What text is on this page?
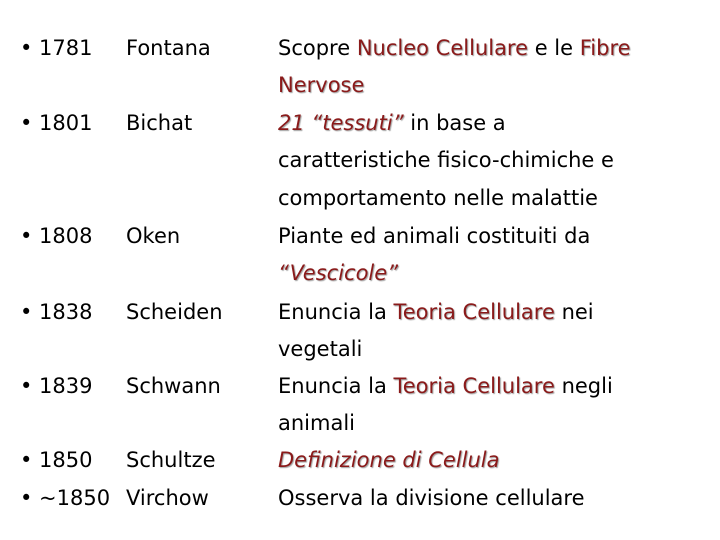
• 1781 Fontana	Scopre Nucleo Cellulare e le Fibre
Nervose
• 1801 Bichat	21 “tessuti” in base a
caratteristiche fisico-chimiche e
comportamento nelle malattie
• 1808 Oken	Piante ed animali costituiti da
“Vescicole”
• 1838 Scheiden	Enuncia la Teoria Cellulare nei
vegetali
• 1839 Schwann	Enuncia la Teoria Cellulare negli
animali
• 1850 Schultze	Definizione di Cellula
• ~1850 Virchow	Osserva la divisione cellulare
